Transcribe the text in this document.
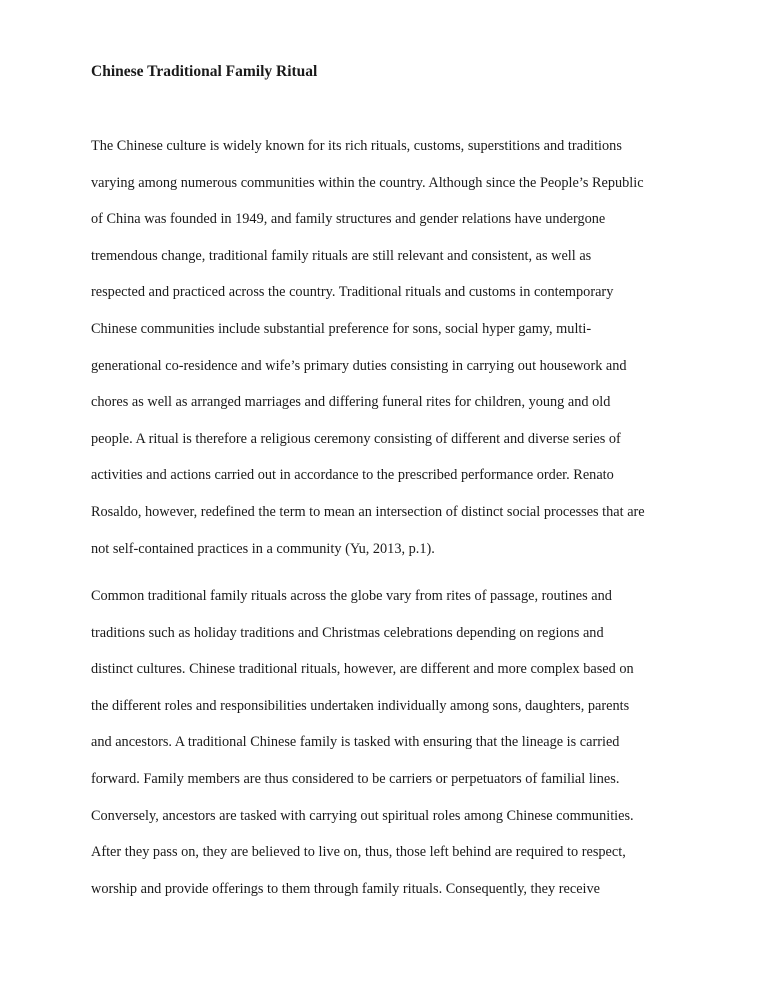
Chinese Traditional Family Ritual
The Chinese culture is widely known for its rich rituals, customs, superstitions and traditions
varying among numerous communities within the country. Although since the People’s Republic
of China was founded in 1949, and family structures and gender relations have undergone
tremendous change, traditional family rituals are still relevant and consistent, as well as
respected and practiced across the country. Traditional rituals and customs in contemporary
Chinese communities include substantial preference for sons, social hyper gamy, multi-
generational co-residence and wife’s primary duties consisting in carrying out housework and
chores as well as arranged marriages and differing funeral rites for children, young and old
people. A ritual is therefore a religious ceremony consisting of different and diverse series of
activities and actions carried out in accordance to the prescribed performance order. Renato
Rosaldo, however, redefined the term to mean an intersection of distinct social processes that are
not self-contained practices in a community (Yu, 2013, p.1).
Common traditional family rituals across the globe vary from rites of passage, routines and
traditions such as holiday traditions and Christmas celebrations depending on regions and
distinct cultures. Chinese traditional rituals, however, are different and more complex based on
the different roles and responsibilities undertaken individually among sons, daughters, parents
and ancestors. A traditional Chinese family is tasked with ensuring that the lineage is carried
forward. Family members are thus considered to be carriers or perpetuators of familial lines.
Conversely, ancestors are tasked with carrying out spiritual roles among Chinese communities.
After they pass on, they are believed to live on, thus, those left behind are required to respect,
worship and provide offerings to them through family rituals. Consequently, they receive
